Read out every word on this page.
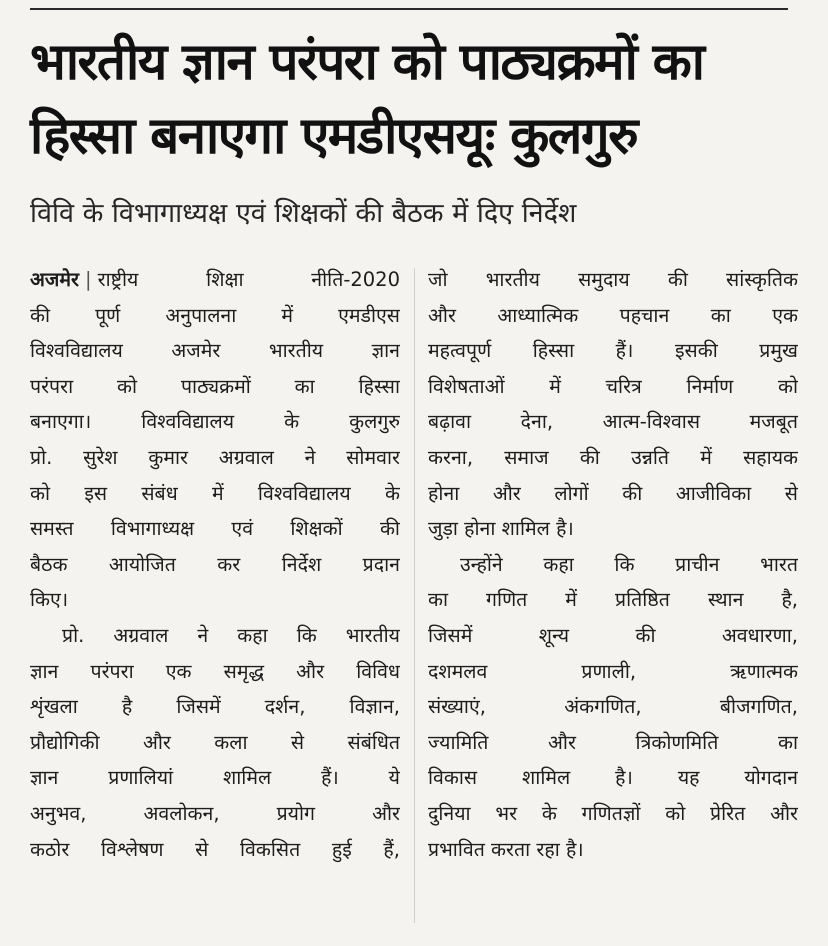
भारतीय ज्ञान परंपरा को पाठ्यक्रमों का
हिस्सा बनाएगा एमडीएसयूः कुलगुरु

विवि के विभागाध्यक्ष एवं शिक्षकों की बैठक में दिए निर्देश

अजमेर | राष्ट्रीय शिक्षा नीति-2020
की पूर्ण अनुपालना में एमडीएस
विश्वविद्यालय अजमेर भारतीय ज्ञान
परंपरा को पाठ्यक्रमों का हिस्सा
बनाएगा। विश्वविद्यालय के कुलगुरु
प्रो. सुरेश कुमार अग्रवाल ने सोमवार
को इस संबंध में विश्वविद्यालय के
समस्त विभागाध्यक्ष एवं शिक्षकों की
बैठक आयोजित कर निर्देश प्रदान
किए।
प्रो. अग्रवाल ने कहा कि भारतीय
ज्ञान परंपरा एक समृद्ध और विविध
शृंखला है जिसमें दर्शन, विज्ञान,
प्रौद्योगिकी और कला से संबंधित
ज्ञान प्रणालियां शामिल हैं। ये
अनुभव, अवलोकन, प्रयोग और
कठोर विश्लेषण से विकसित हुई हैं,
जो भारतीय समुदाय की सांस्कृतिक
और आध्यात्मिक पहचान का एक
महत्वपूर्ण हिस्सा हैं। इसकी प्रमुख
विशेषताओं में चरित्र निर्माण को
बढ़ावा देना, आत्म-विश्वास मजबूत
करना, समाज की उन्नति में सहायक
होना और लोगों की आजीविका से
जुड़ा होना शामिल है।
उन्होंने कहा कि प्राचीन भारत
का गणित में प्रतिष्ठित स्थान है,
जिसमें शून्य की अवधारणा,
दशमलव प्रणाली, ऋणात्मक
संख्याएं, अंकगणित, बीजगणित,
ज्यामिति और त्रिकोणमिति का
विकास शामिल है। यह योगदान
दुनिया भर के गणितज्ञों को प्रेरित और
प्रभावित करता रहा है।
